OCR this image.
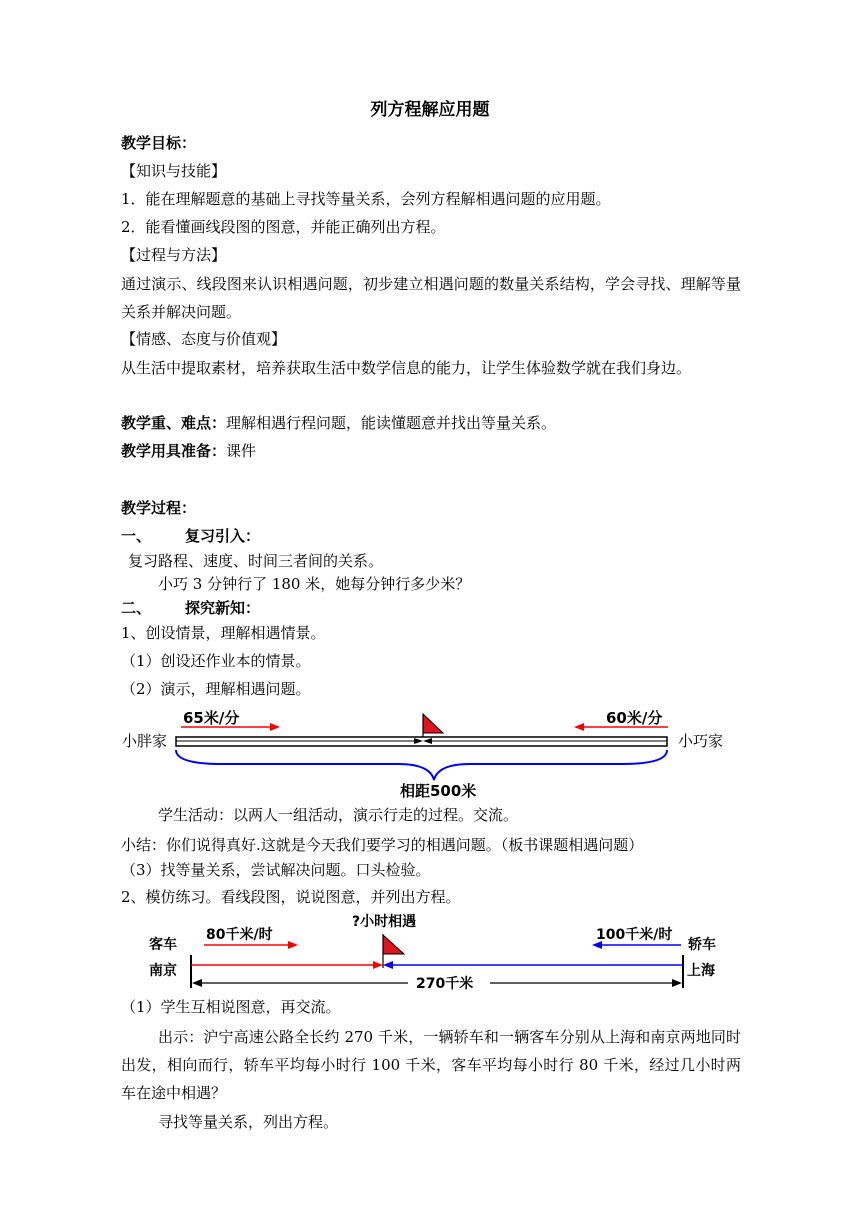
列方程解应用题
教学目标：
【知识与技能】
1．能在理解题意的基础上寻找等量关系，会列方程解相遇问题的应用题。
2．能看懂画线段图的图意，并能正确列出方程。
【过程与方法】
通过演示、线段图来认识相遇问题，初步建立相遇问题的数量关系结构，学会寻找、理解等量关系并解决问题。
【情感、态度与价值观】
从生活中提取素材，培养获取生活中数学信息的能力，让学生体验数学就在我们身边。
教学重、难点：理解相遇行程问题，能读懂题意并找出等量关系。
教学用具准备：课件
教学过程：
一、 复习引入：
复习路程、速度、时间三者间的关系。
小巧 3 分钟行了 180 米，她每分钟行多少米？
二、 探究新知：
1、创设情景，理解相遇情景。
（1）创设还作业本的情景。
（2）演示，理解相遇问题。
65米/分	60米/分
小胖家	小巧家
相距500米
学生活动：以两人一组活动，演示行走的过程。交流。
小结：你们说得真好.这就是今天我们要学习的相遇问题。（板书课题相遇问题）
（3）找等量关系，尝试解决问题。口头检验。
2、模仿练习。看线段图，说说图意，并列出方程。
?小时相遇
80千米/时	100千米/时
客车	轿车
南京	上海
270千米
（1）学生互相说图意，再交流。
出示：沪宁高速公路全长约 270 千米，一辆轿车和一辆客车分别从上海和南京两地同时出发，相向而行，轿车平均每小时行 100 千米，客车平均每小时行 80 千米，经过几小时两车在途中相遇？
寻找等量关系，列出方程。
